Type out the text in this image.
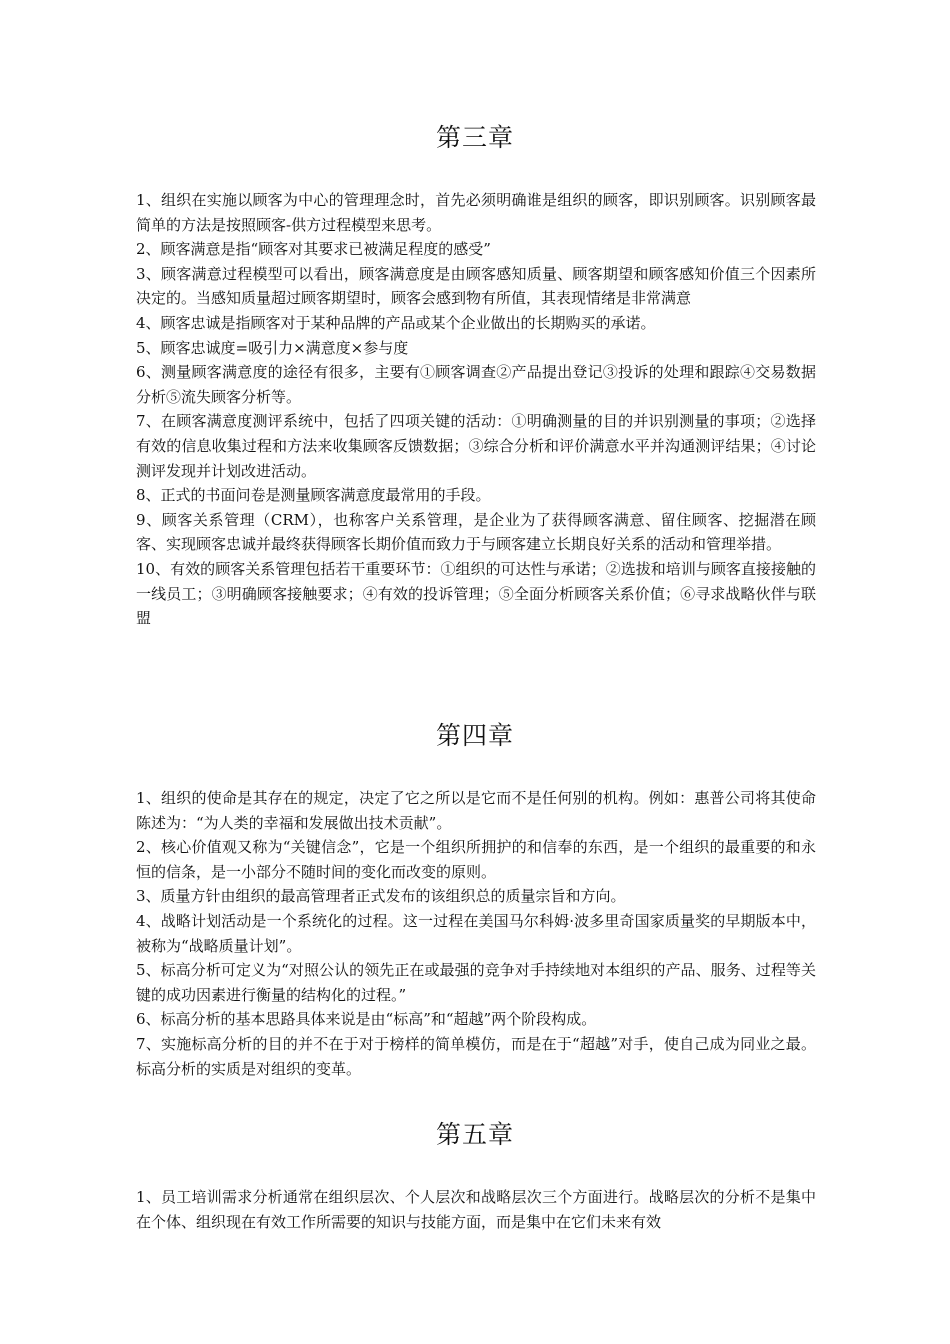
第三章

1、组织在实施以顾客为中心的管理理念时，首先必须明确谁是组织的顾客，即识别顾客。识别顾客最简单的方法是按照顾客-供方过程模型来思考。

2、顾客满意是指“顾客对其要求已被满足程度的感受”

3、顾客满意过程模型可以看出，顾客满意度是由顾客感知质量、顾客期望和顾客感知价值三个因素所决定的。当感知质量超过顾客期望时，顾客会感到物有所值，其表现情绪是非常满意

4、顾客忠诚是指顾客对于某种品牌的产品或某个企业做出的长期购买的承诺。

5、顾客忠诚度=吸引力×满意度×参与度

6、测量顾客满意度的途径有很多，主要有①顾客调查②产品提出登记③投诉的处理和跟踪④交易数据分析⑤流失顾客分析等。

7、在顾客满意度测评系统中，包括了四项关键的活动：①明确测量的目的并识别测量的事项；②选择有效的信息收集过程和方法来收集顾客反馈数据；③综合分析和评价满意水平并沟通测评结果；④讨论测评发现并计划改进活动。

8、正式的书面问卷是测量顾客满意度最常用的手段。

9、顾客关系管理（CRM），也称客户关系管理，是企业为了获得顾客满意、留住顾客、挖掘潜在顾客、实现顾客忠诚并最终获得顾客长期价值而致力于与顾客建立长期良好关系的活动和管理举措。

10、有效的顾客关系管理包括若干重要环节：①组织的可达性与承诺；②选拔和培训与顾客直接接触的一线员工；③明确顾客接触要求；④有效的投诉管理；⑤全面分析顾客关系价值；⑥寻求战略伙伴与联盟

第四章

1、组织的使命是其存在的规定，决定了它之所以是它而不是任何别的机构。例如：惠普公司将其使命陈述为：“为人类的幸福和发展做出技术贡献”。

2、核心价值观又称为“关键信念”，它是一个组织所拥护的和信奉的东西，是一个组织的最重要的和永恒的信条，是一小部分不随时间的变化而改变的原则。

3、质量方针由组织的最高管理者正式发布的该组织总的质量宗旨和方向。

4、战略计划活动是一个系统化的过程。这一过程在美国马尔科姆·波多里奇国家质量奖的早期版本中，被称为“战略质量计划”。

5、标高分析可定义为“对照公认的领先正在或最强的竞争对手持续地对本组织的产品、服务、过程等关键的成功因素进行衡量的结构化的过程。”

6、标高分析的基本思路具体来说是由“标高”和“超越”两个阶段构成。

7、实施标高分析的目的并不在于对于榜样的简单模仿，而是在于“超越”对手，使自己成为同业之最。 标高分析的实质是对组织的变革。

第五章

1、员工培训需求分析通常在组织层次、个人层次和战略层次三个方面进行。战略层次的分析不是集中在个体、组织现在有效工作所需要的知识与技能方面，而是集中在它们未来有效
